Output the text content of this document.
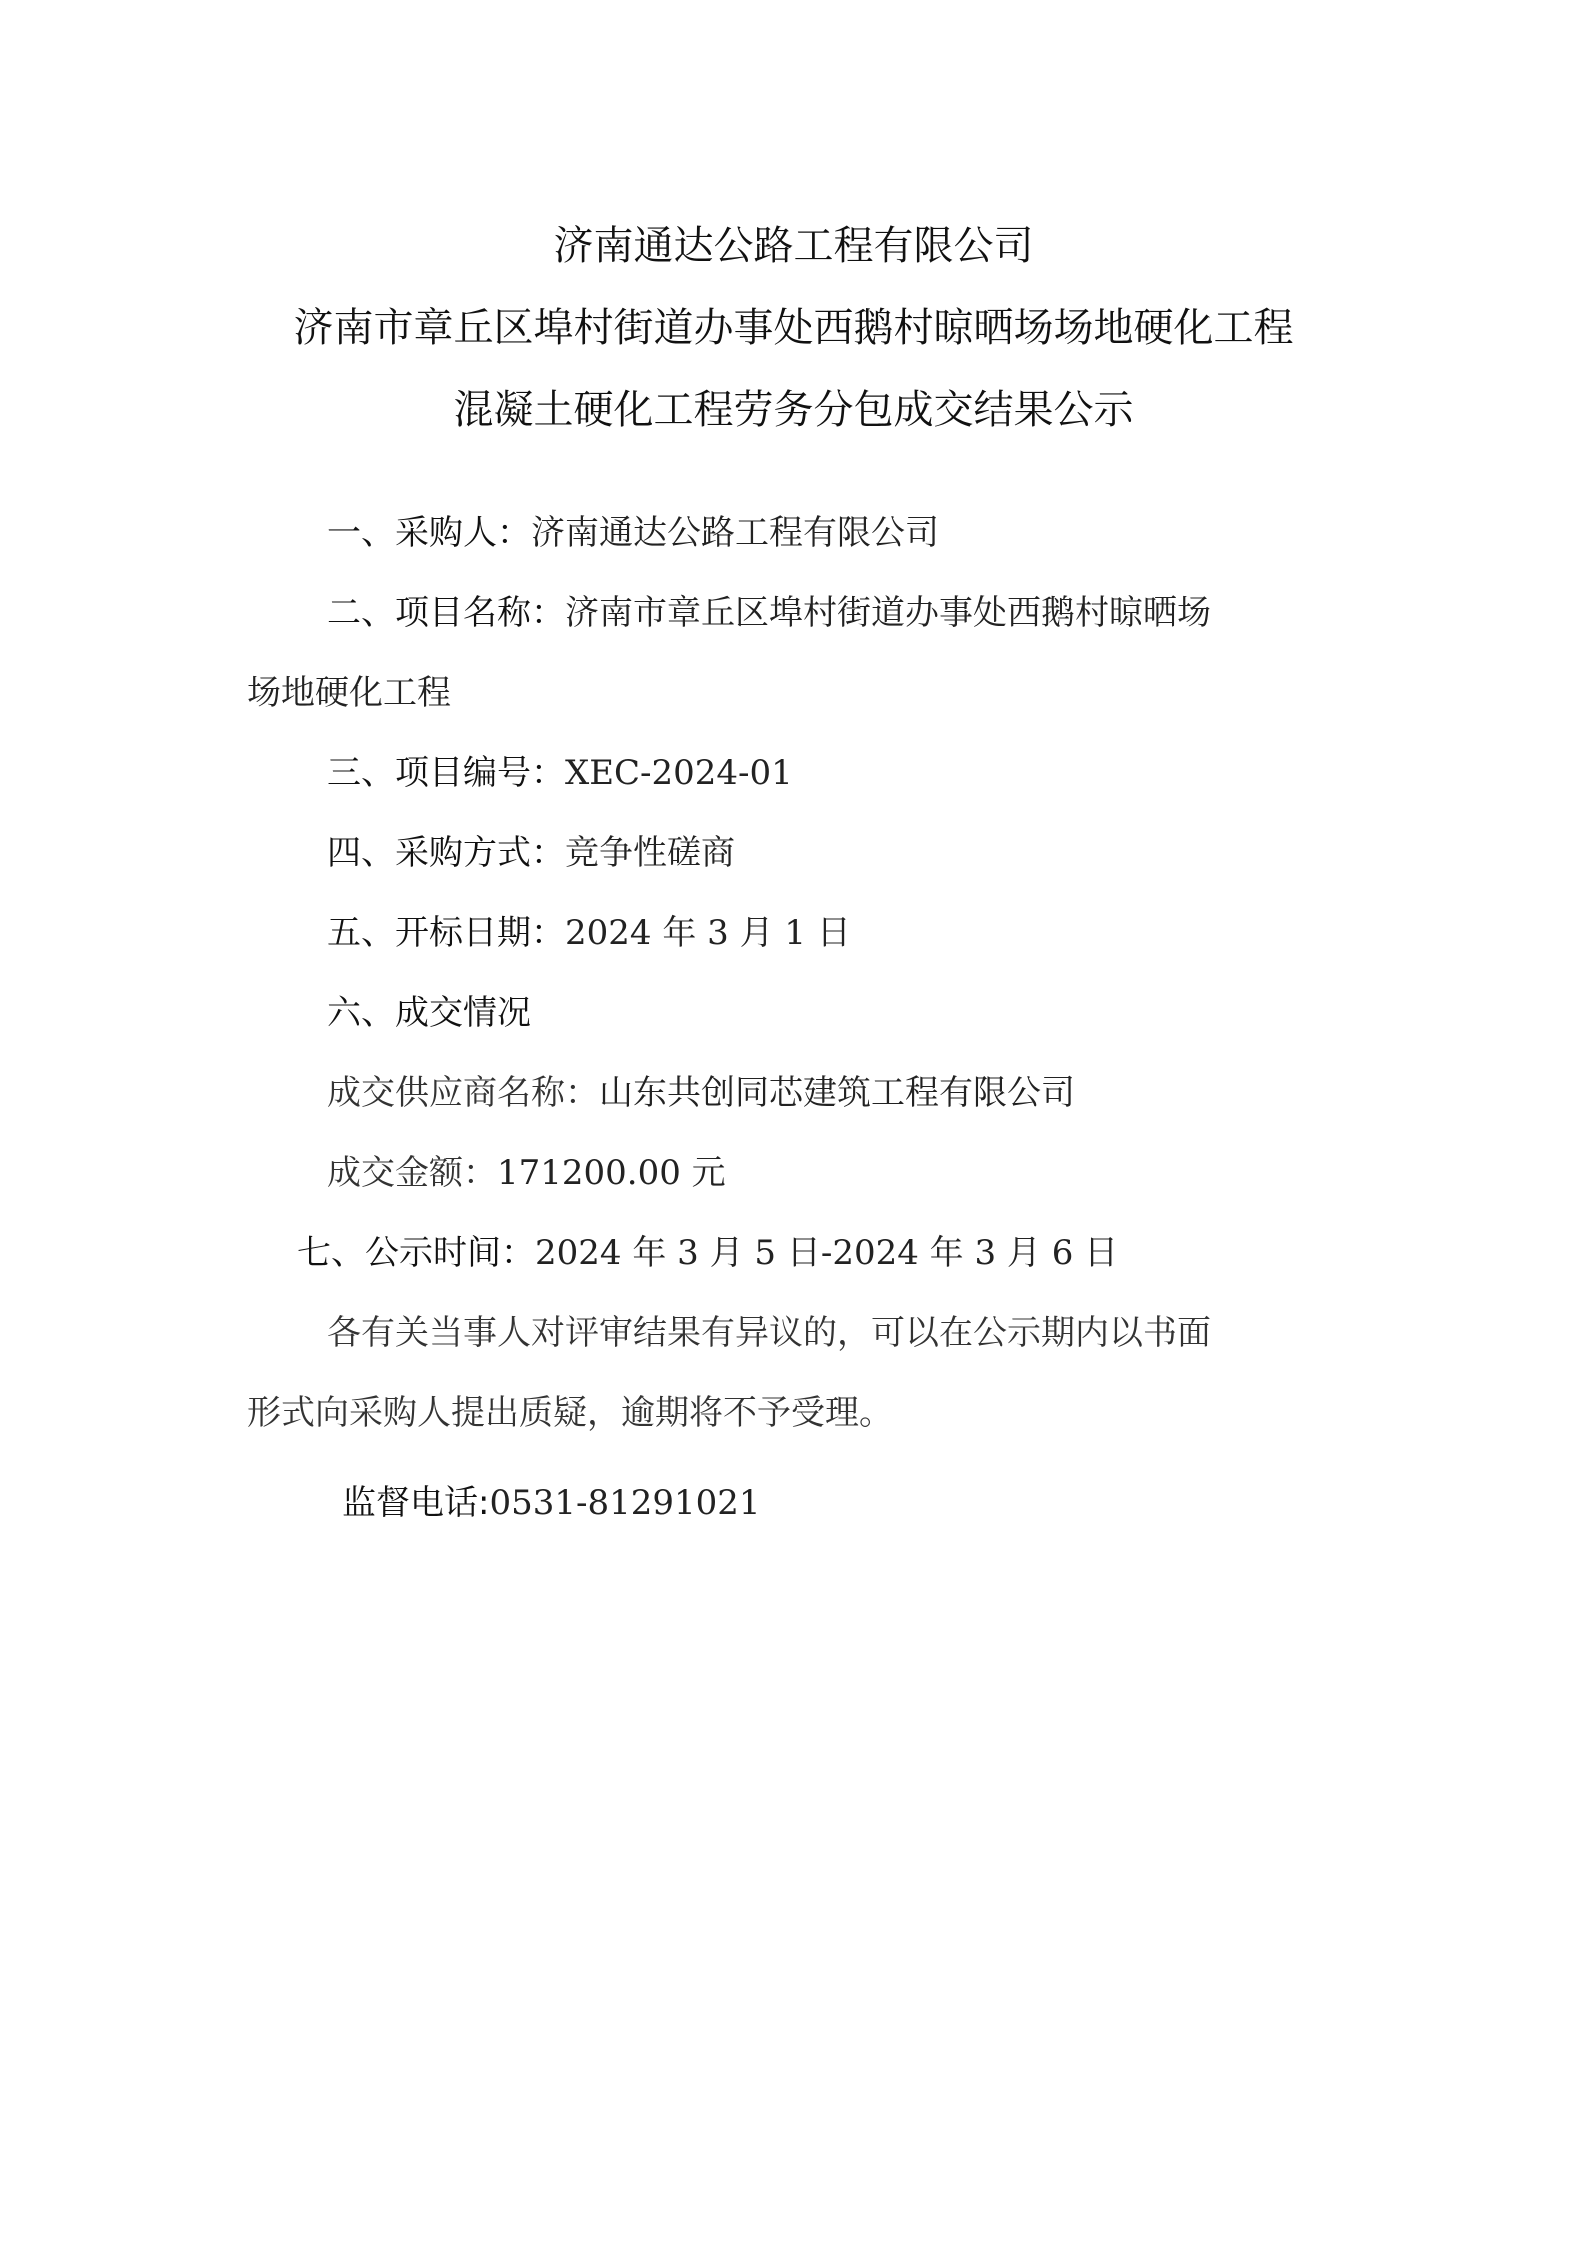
济南通达公路工程有限公司
济南市章丘区埠村街道办事处西鹅村晾晒场场地硬化工程
混凝土硬化工程劳务分包成交结果公示
一、采购人：济南通达公路工程有限公司
二、项目名称：济南市章丘区埠村街道办事处西鹅村晾晒场
场地硬化工程
三、项目编号：XEC-2024-01
四、采购方式：竞争性磋商
五、开标日期：2024 年 3 月 1 日
六、成交情况
成交供应商名称：山东共创同芯建筑工程有限公司
成交金额：171200.00 元
七、公示时间：2024 年 3 月 5 日-2024 年 3 月 6 日
各有关当事人对评审结果有异议的，可以在公示期内以书面
形式向采购人提出质疑，逾期将不予受理。
监督电话:0531-81291021
